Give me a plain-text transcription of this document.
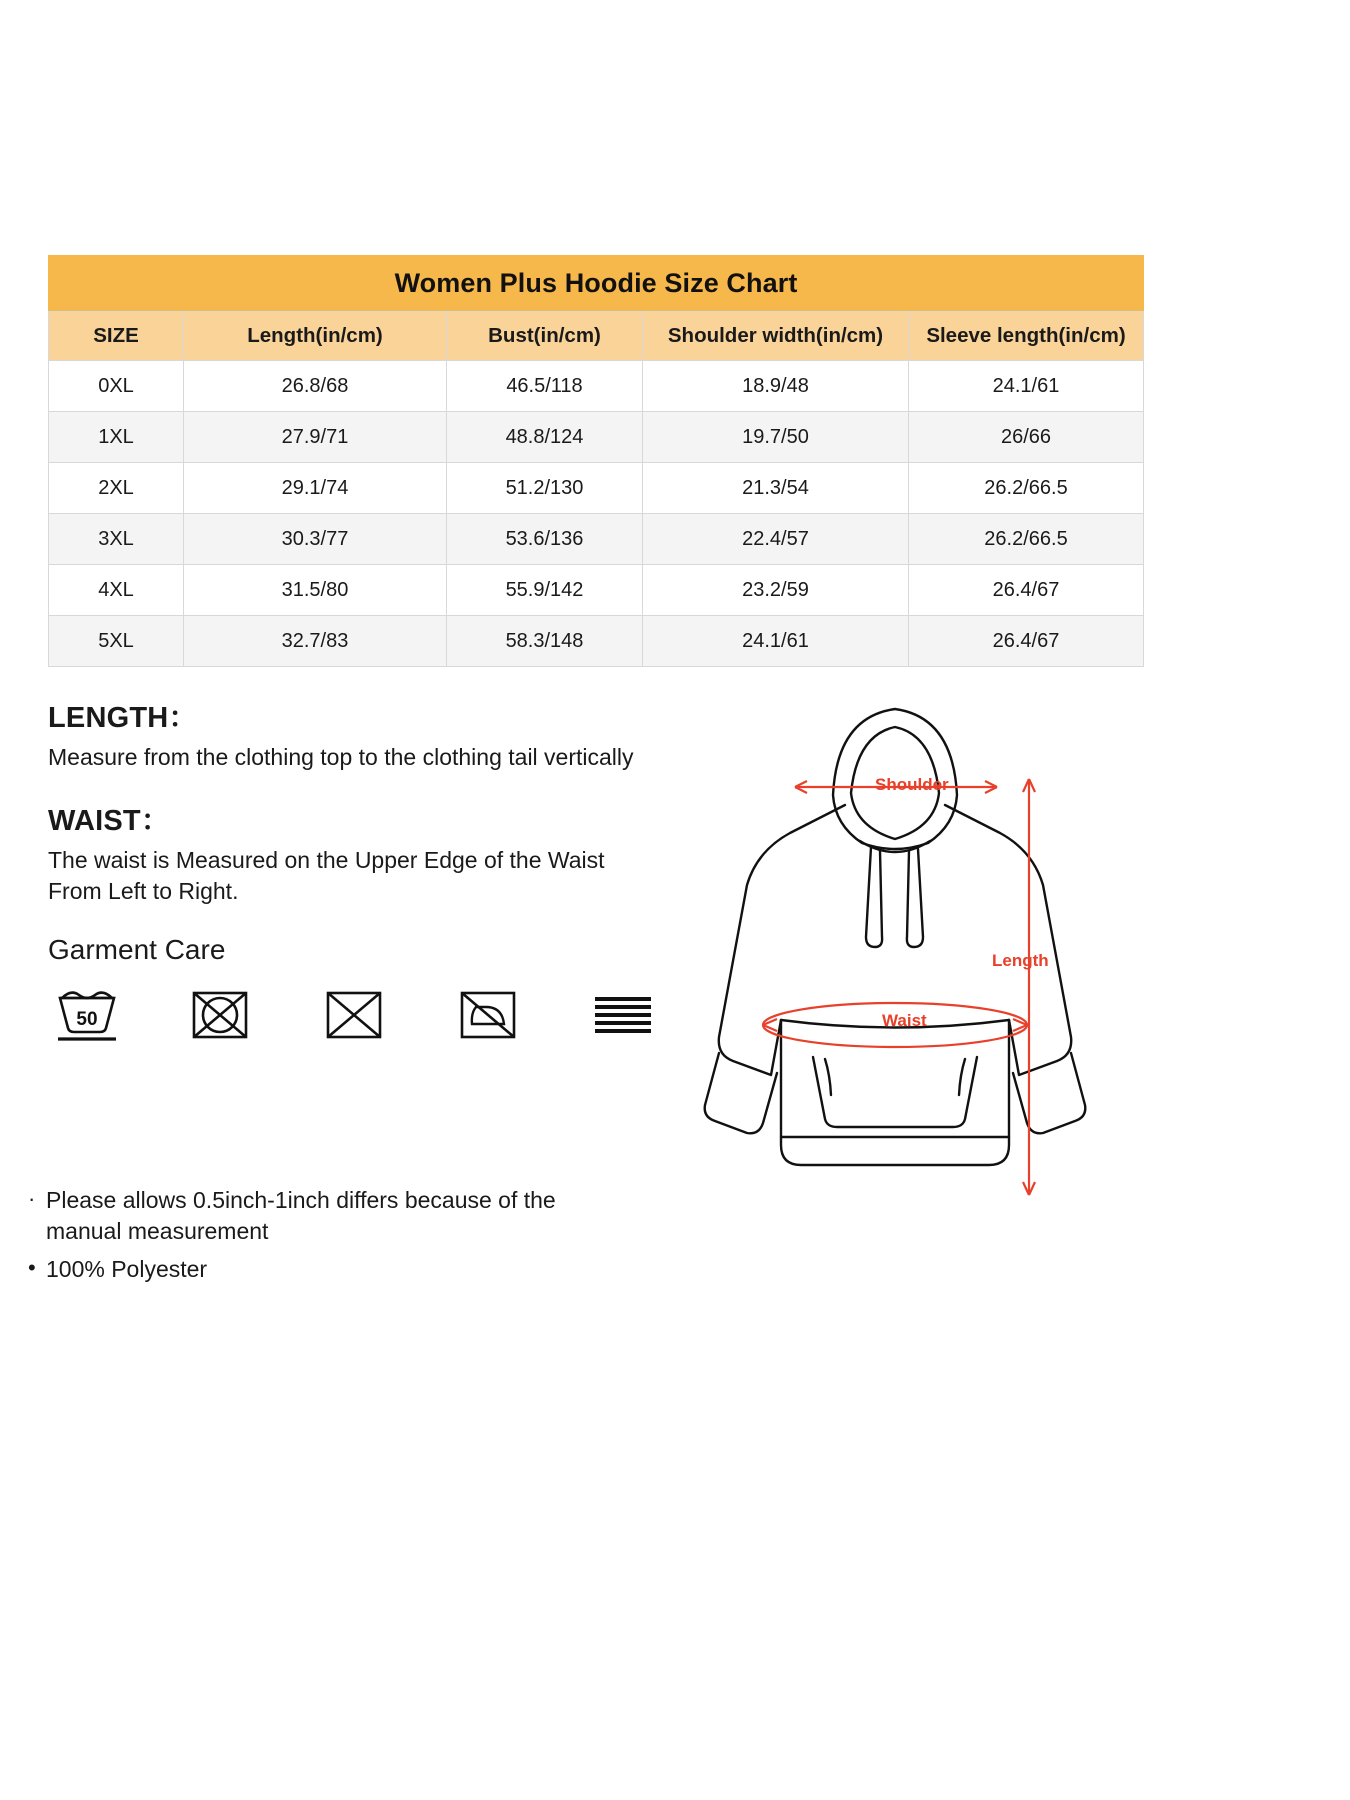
Women Plus Hoodie Size Chart
SIZE	Length(in/cm)	Bust(in/cm)	Shoulder width(in/cm)	Sleeve length(in/cm)
0XL	26.8/68	46.5/118	18.9/48	24.1/61
1XL	27.9/71	48.8/124	19.7/50	26/66
2XL	29.1/74	51.2/130	21.3/54	26.2/66.5
3XL	30.3/77	53.6/136	22.4/57	26.2/66.5
4XL	31.5/80	55.9/142	23.2/59	26.4/67
5XL	32.7/83	58.3/148	24.1/61	26.4/67

LENGTH：

Measure from the clothing top to the clothing tail vertically

WAIST：

The waist is Measured on the Upper Edge of the Waist From Left to Right.

Garment Care

50
· Please allows 0.5inch-1inch differs because of the manual measurement
• 100% Polyester
Shoulder
Length
Waist
